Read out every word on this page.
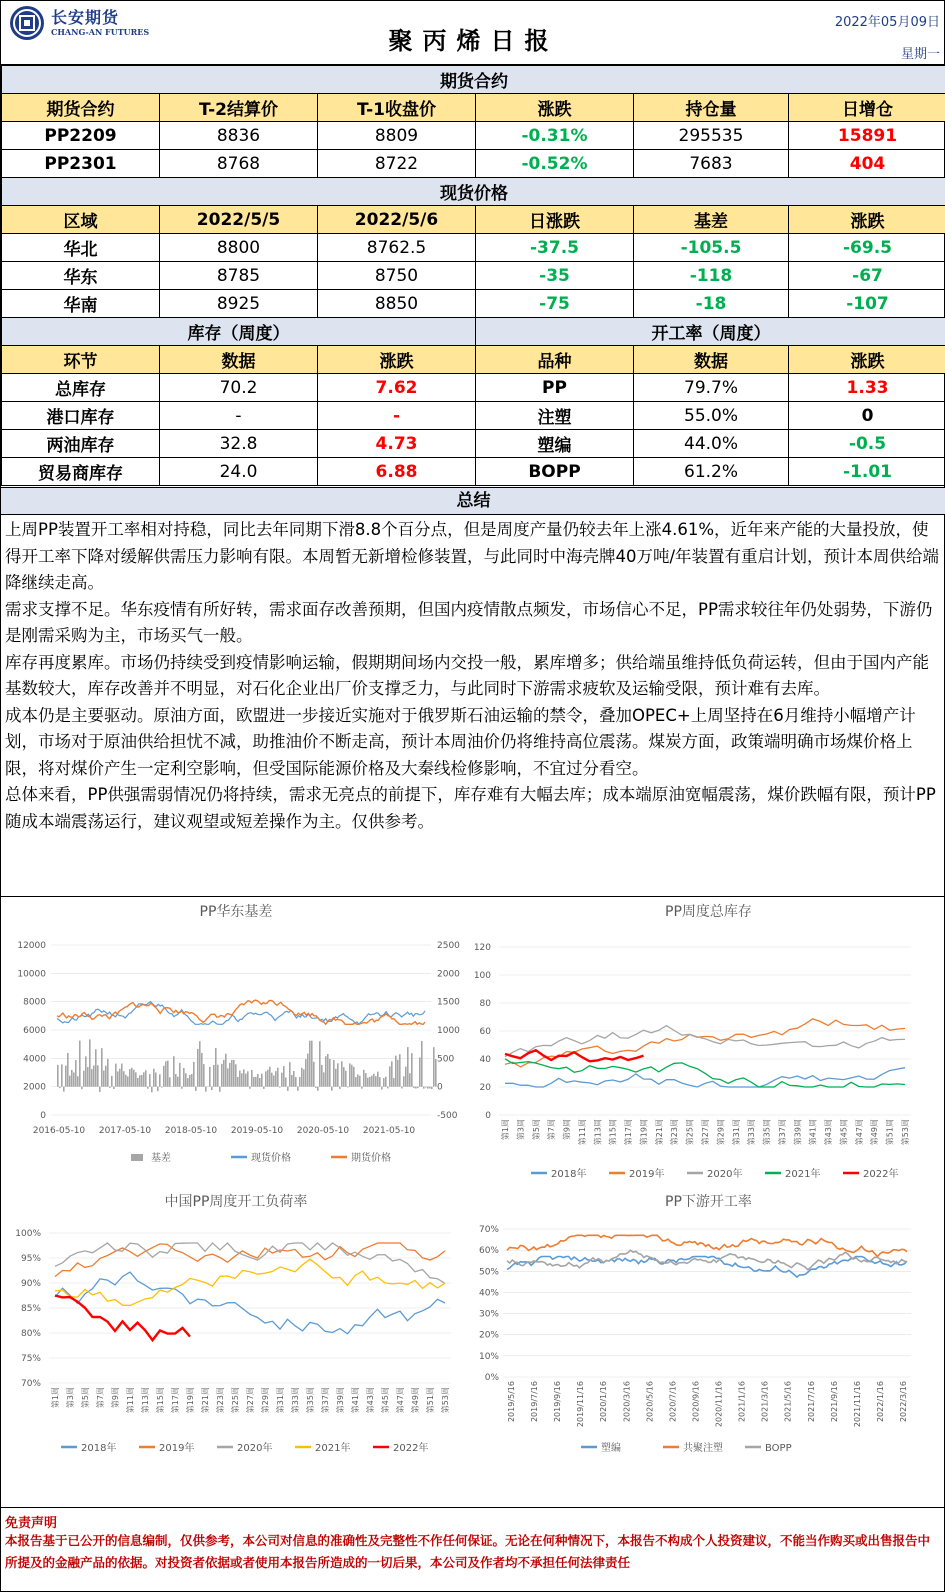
长安期货
CHANG-AN FUTURES	聚丙烯日报
2022年05月09日
星期一
期货合约					
期货合约	T-2结算价	T-1收盘价	涨跌	持仓量	日增仓
PP2209	8836	8809	-0.31%	295535	15891
PP2301	8768	8722	-0.52%	7683	404
现货价格					
区域	2022/5/5	2022/5/6	日涨跌	基差	涨跌
华北	8800	8762.5	-37.5	-105.5	-69.5
华东	8785	8750	-35	-118	-67
华南	8925	8850	-75	-18	-107
库存（周度）			开工率（周度）		
环节	数据	涨跌	品种	数据	涨跌
总库存	70.2	7.62	PP	79.7%	1.33
港口库存	-	-	注塑	55.0%	0
两油库存	32.8	4.73	塑编	44.0%	-0.5
贸易商库存	24.0	6.88	BOPP	61.2%	-1.01
总结

上周PP装置开工率相对持稳，同比去年同期下滑8.8个百分点，但是周度产量仍较去年上涨4.61%，近年来产能的大量投放，使得开工率下降对缓解供需压力影响有限。本周暂无新增检修装置，与此同时中海壳牌40万吨/年装置有重启计划，预计本周供给端降继续走高。

需求支撑不足。华东疫情有所好转，需求面存改善预期，但国内疫情散点频发，市场信心不足，PP需求较往年仍处弱势，下游仍是刚需采购为主，市场买气一般。

库存再度累库。市场仍持续受到疫情影响运输，假期期间场内交投一般，累库增多；供给端虽维持低负荷运转，但由于国内产能基数较大，库存改善并不明显，对石化企业出厂价支撑乏力，与此同时下游需求疲软及运输受限，预计难有去库。

成本仍是主要驱动。原油方面，欧盟进一步接近实施对于俄罗斯石油运输的禁令，叠加OPEC+上周坚持在6月维持小幅增产计划，市场对于原油供给担忧不减，助推油价不断走高，预计本周油价仍将维持高位震荡。煤炭方面，政策端明确市场煤价格上限，将对煤价产生一定利空影响，但受国际能源价格及大秦线检修影响，不宜过分看空。

总体来看，PP供强需弱情况仍将持续，需求无亮点的前提下，库存难有大幅去库；成本端原油宽幅震荡，煤价跌幅有限，预计PP随成本端震荡运行，建议观望或短差操作为主。仅供参考。

PP华东基差
0
2000
4000
6000
8000
10000
12000
-500
0
500
1000
1500
2000
2500
2016-05-10 2017-05-10 2018-05-10 2019-05-10 2020-05-10 2021-05-10
基差	现货价格	期货价格
PP周度总库存
0
20
40
60
80
100
120
第1周 第3周 第5周 第7周 第9周 第11周 第13周 第15周 第17周 第19周 第21周 第23周 第25周 第27周 第29周 第31周 第33周 第35周 第37周 第39周 第41周 第43周 第45周 第47周 第49周 第51周 第53周
2018年	2019年	2020年	2021年	2022年
中国PP周度开工负荷率
70%
75%
80%
85%
90%
95%
100%
第1周 第3周 第5周 第7周 第9周 第11周 第13周 第15周 第17周 第19周 第21周 第23周 第25周 第27周 第29周 第31周 第33周 第35周 第37周 第39周 第41周 第43周 第45周 第47周 第49周 第51周 第53周
2018年	2019年	2020年	2021年	2022年
PP下游开工率
0%
10%
20%
30%
40%
50%
60%
70%
2019/5/16 2019/7/16 2019/9/16 2019/11/16 2020/1/16 2020/3/16 2020/5/16 2020/7/16 2020/9/16 2020/11/16 2021/1/16 2021/3/16 2021/5/16 2021/7/16 2021/9/16 2021/11/16 2022/1/16 2022/3/16
塑编	共聚注塑	BOPP
免责声明
本报告基于已公开的信息编制，仅供参考，本公司对信息的准确性及完整性不作任何保证。无论在何种情况下，本报告不构成个人投资建议，不能当作购买或出售报告中所提及的金融产品的依据。对投资者依据或者使用本报告所造成的一切后果，本公司及作者均不承担任何法律责任
